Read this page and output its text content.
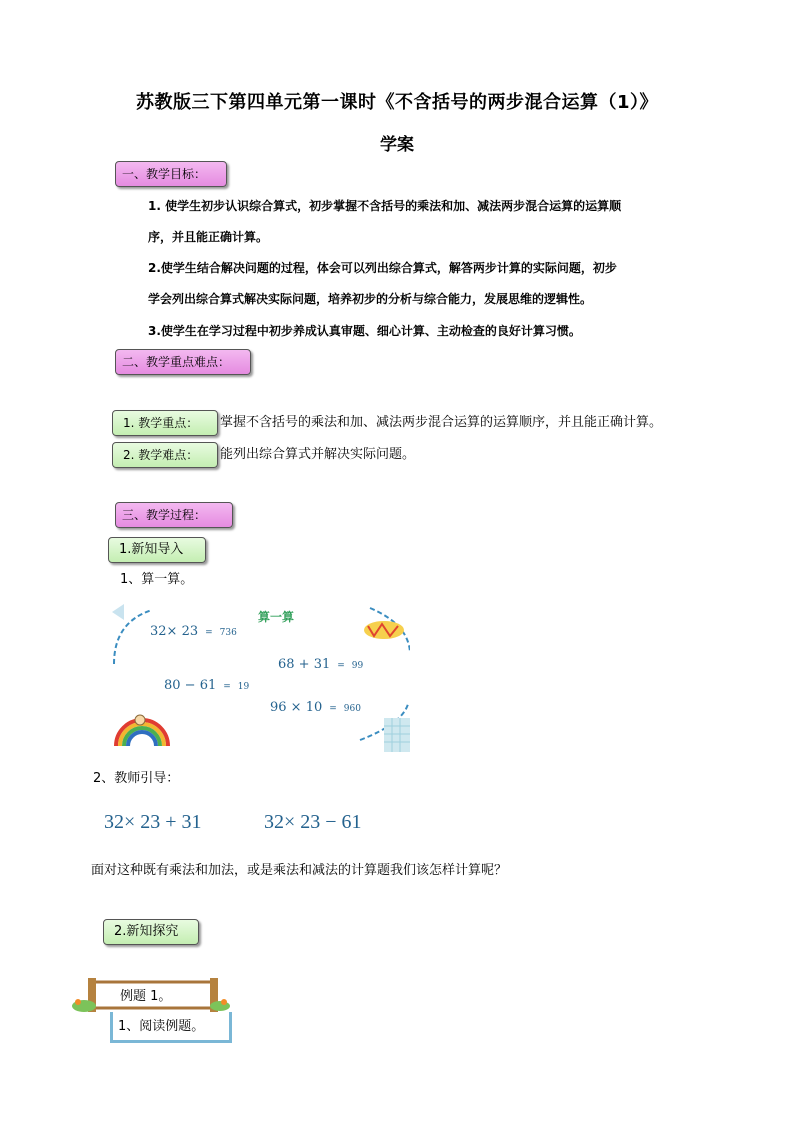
苏教版三下第四单元第一课时《不含括号的两步混合运算（1）》
学案
一、教学目标：
1. 使学生初步认识综合算式，初步掌握不含括号的乘法和加、减法两步混合运算的运算顺
序，并且能正确计算。
2.使学生结合解决问题的过程，体会可以列出综合算式，解答两步计算的实际问题，初步
学会列出综合算式解决实际问题，培养初步的分析与综合能力，发展思维的逻辑性。
3.使学生在学习过程中初步养成认真审题、细心计算、主动检查的良好计算习惯。
二、教学重点难点：
1. 教学重点：	掌握不含括号的乘法和加、减法两步混合运算的运算顺序，并且能正确计算。
2. 教学难点：	能列出综合算式并解决实际问题。
三、教学过程：
1.新知导入
1、算一算。
算一算
32× 23  =  736
68 + 31  =  99
80 − 61  =  19
96 × 10  =  960
2、教师引导：
32× 23 + 31	32× 23 − 61
面对这种既有乘法和加法，或是乘法和减法的计算题我们该怎样计算呢？
2.新知探究
例题 1。
1、阅读例题。
